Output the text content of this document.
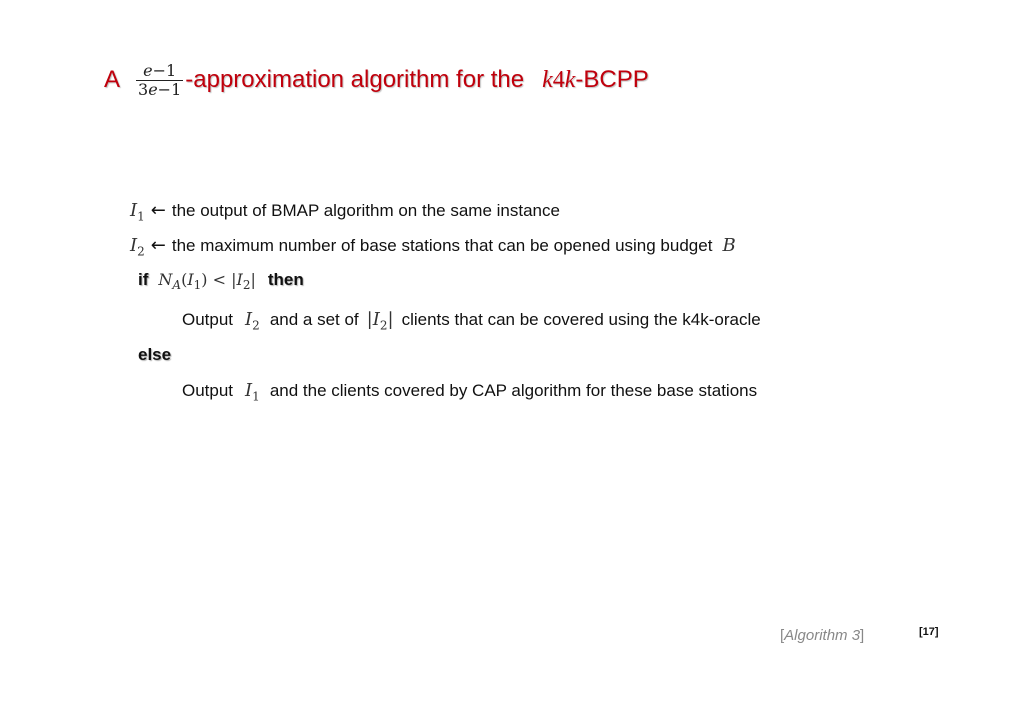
A $\frac{e-1}{3e-1}$ -approximation algorithm for the k4k -BCPP
$I_1$ ← the output of BMAP algorithm on the same instance
$I_2$ ← the maximum number of base stations that can be opened using budget B
if $N_A(I_1) < |I_2|$ then
Output $I_2$ and a set of $|I_2|$ clients that can be covered using the k4k-oracle
else
Output $I_1$ and the clients covered by CAP algorithm for these base stations
[Algorithm 3]	[17]
